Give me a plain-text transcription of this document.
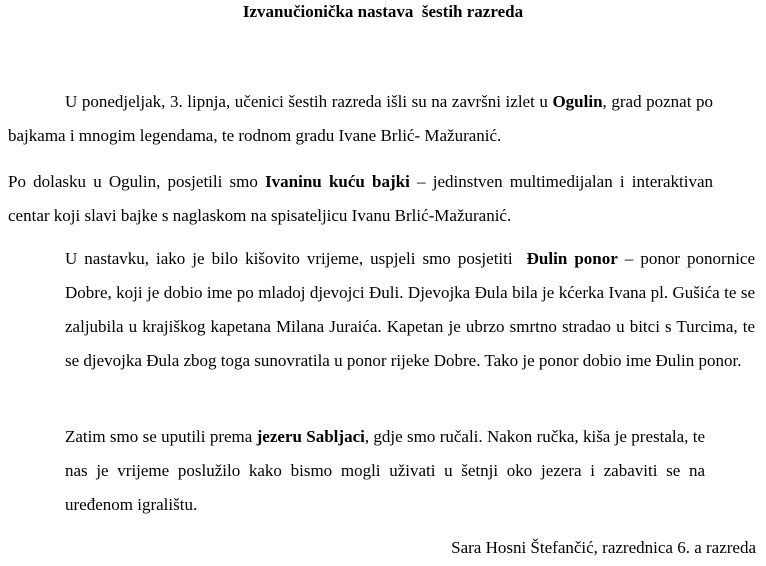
Izvanučionička nastava  šestih razreda

U ponedjeljak, 3. lipnja, učenici šestih razreda išli su na završni izlet u Ogulin, grad poznat po bajkama i mnogim legendama, te rodnom gradu Ivane Brlić- Mažuranić.

Po dolasku u Ogulin, posjetili smo Ivaninu kuću bajki – jedinstven multimedijalan i interaktivan centar koji slavi bajke s naglaskom na spisateljicu Ivanu Brlić-Mažuranić.

U nastavku, iako je bilo kišovito vrijeme, uspjeli smo posjetiti  Đulin ponor – ponor ponornice Dobre, koji je dobio ime po mladoj djevojci Đuli. Djevojka Đula bila je kćerka Ivana pl. Gušića te se zaljubila u krajiškog kapetana Milana Juraića. Kapetan je ubrzo smrtno stradao u bitci s Turcima, te se djevojka Đula zbog toga sunovratila u ponor rijeke Dobre. Tako je ponor dobio ime Đulin ponor.

Zatim smo se uputili prema jezeru Sabljaci, gdje smo ručali. Nakon ručka, kiša je prestala, te nas je vrijeme poslužilo kako bismo mogli uživati u šetnji oko jezera i zabaviti se na uređenom igralištu.

Sara Hosni Štefančić, razrednica 6. a razreda
